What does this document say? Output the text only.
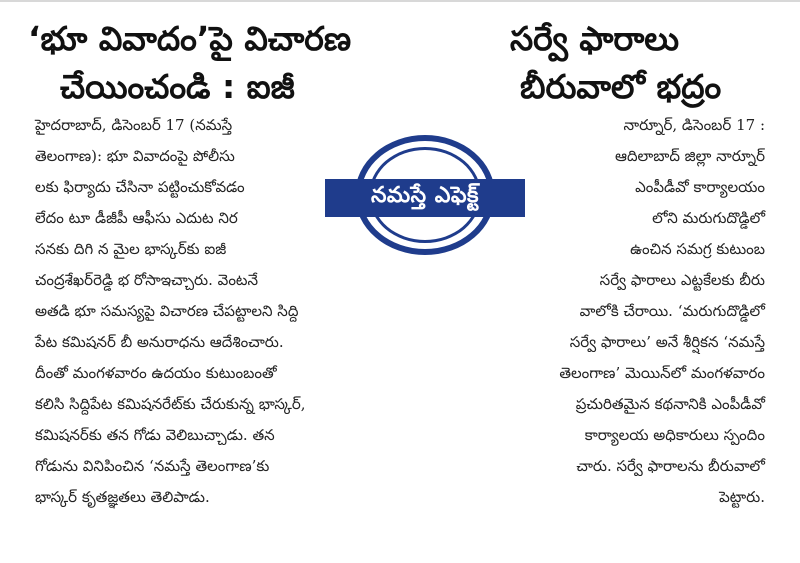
‘భూ వివాదం’పై విచారణ
చేయించండి : ఐజీ
హైదరాబాద్, డిసెంబర్ 17 (నమస్తే
తెలంగాణ): భూ వివాదంపై పోలీసు
లకు ఫిర్యాదు చేసినా పట్టించుకోవడం
లేదం టూ డీజీపీ ఆఫీసు ఎదుట నిర
సనకు దిగి న మైల భాస్కర్‌కు ఐజీ
చంద్రశేఖర్‌రెడ్డి భ రోసాఇచ్చారు. వెంటనే
అతడి భూ సమస్యపై విచారణ చేపట్టాలని సిద్ది
పేట కమిషనర్ బీ అనురాధను ఆదేశించారు.
దీంతో మంగళవారం ఉదయం కుటుంబంతో
కలిసి సిద్దిపేట కమిషనరేట్‌కు చేరుకున్న భాస్కర్,
కమిషనర్‌కు తన గోడు వెలిబుచ్చాడు. తన
గోడును వినిపించిన ‘నమస్తే తెలంగాణ’కు
భాస్కర్ కృతజ్ఞతలు తెలిపాడు.
సర్వే ఫారాలు
బీరువాలో భద్రం
నార్నూర్, డిసెంబర్ 17 :
ఆదిలాబాద్ జిల్లా నార్నూర్
ఎంపీడీవో కార్యాలయం
లోని మరుగుదొడ్డిలో
ఉంచిన సమగ్ర కుటుంబ
సర్వే ఫారాలు ఎట్టకేలకు బీరు
వాలోకి చేరాయి. ‘మరుగుదొడ్డిలో
సర్వే ఫారాలు’ అనే శీర్షికన ‘నమస్తే
తెలంగాణ’ మెయిన్‌లో మంగళవారం
ప్రచురితమైన కథనానికి ఎంపీడీవో
కార్యాలయ అధికారులు స్పందిం
చారు. సర్వే ఫారాలను బీరువాలో
పెట్టారు.
నమస్తే ఎఫెక్ట్
